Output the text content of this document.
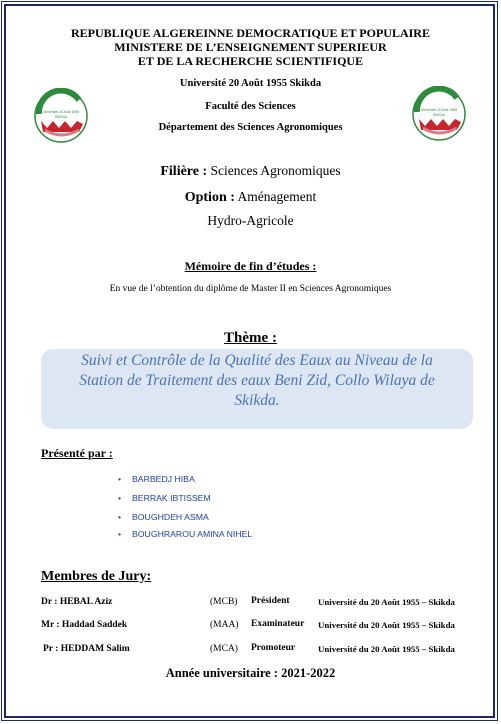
REPUBLIQUE ALGEREINNE DEMOCRATIQUE ET POPULAIRE
MINISTERE DE L’ENSEIGNEMENT SUPERIEUR
ET DE LA RECHERCHE SCIENTIFIQUE
Université 20 Août 1955 Skikda
Faculté des Sciences
Département des Sciences Agronomiques
Université 20 Août 1955
SKIKDA
Université 20 Août 1955
SKIKDA
Filière : Sciences Agronomiques
Option : Aménagement
Hydro-Agricole
Mémoire de fin d’études :
En vue de l’obtention du diplôme de Master II en Sciences Agronomiques
Thème :
Suivi et Contrôle de la Qualité des Eaux au Niveau de la
Station de Traitement des eaux Beni Zid, Collo Wilaya de
Skikda.
Présenté par :
• BARBEDJ HIBA
• BERRAK IBTISSEM
• BOUGHDEH ASMA
• BOUGHRAROU AMINA NIHEL
Membres de Jury:
Dr : HEBAL Aziz	(MCB) Président	Université du 20 Août 1955 – Skikda
Mr : Haddad Saddek	(MAA) Examinateur Université du 20 Août 1955 – Skikda
Pr : HEDDAM Salim	(MCA) Promoteur	Université du 20 Août 1955 – Skikda
Année universitaire : 2021-2022
